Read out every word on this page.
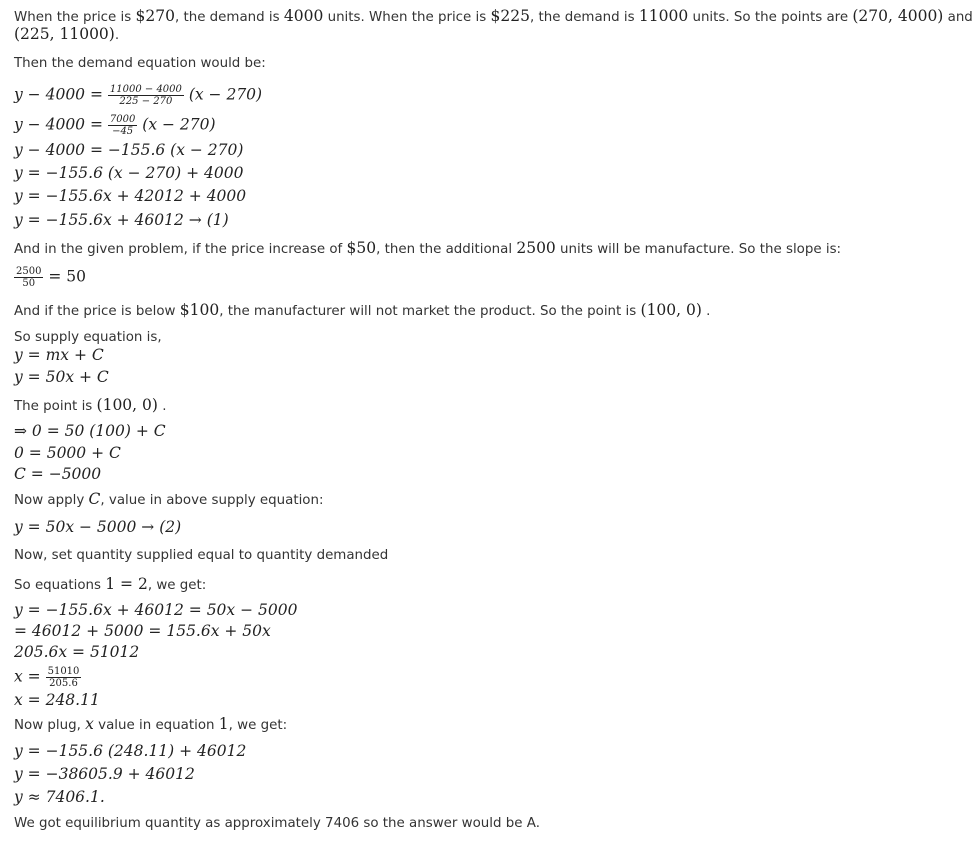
When the price is $270, the demand is 4000 units. When the price is $225, the demand is 11000 units. So the points are (270, 4000) and
(225, 11000).
Then the demand equation would be:
$y - 4000 = \frac{11000 - 4000}{225 - 270} (x - 270)$
$y - 4000 = \frac{7000}{-45} (x - 270)$
y − 4000 = −155.6 (x − 270)
y = −155.6 (x − 270) + 4000
y = −155.6x + 42012 + 4000
y = −155.6x + 46012 → (1)
And in the given problem, if the price increase of $50, then the additional 2500 units will be manufacture. So the slope is:
$\frac{2500}{50} = 50$
And if the price is below $100, the manufacturer will not market the product. So the point is (100, 0) .
So supply equation is,
y = mx + C
y = 50x + C
The point is (100, 0) .
⇒ 0 = 50 (100) + C
0 = 5000 + C
C = −5000
Now apply C, value in above supply equation:
y = 50x − 5000 → (2)
Now, set quantity supplied equal to quantity demanded
So equations 1 = 2, we get:
y = −155.6x + 46012 = 50x − 5000
= 46012 + 5000 = 155.6x + 50x
205.6x = 51012
$x = \frac{51010}{205.6}$
x = 248.11
Now plug, x value in equation 1, we get:
y = −155.6 (248.11) + 46012
y = −38605.9 + 46012
y ≈ 7406.1.
We got equilibrium quantity as approximately 7406 so the answer would be A.
